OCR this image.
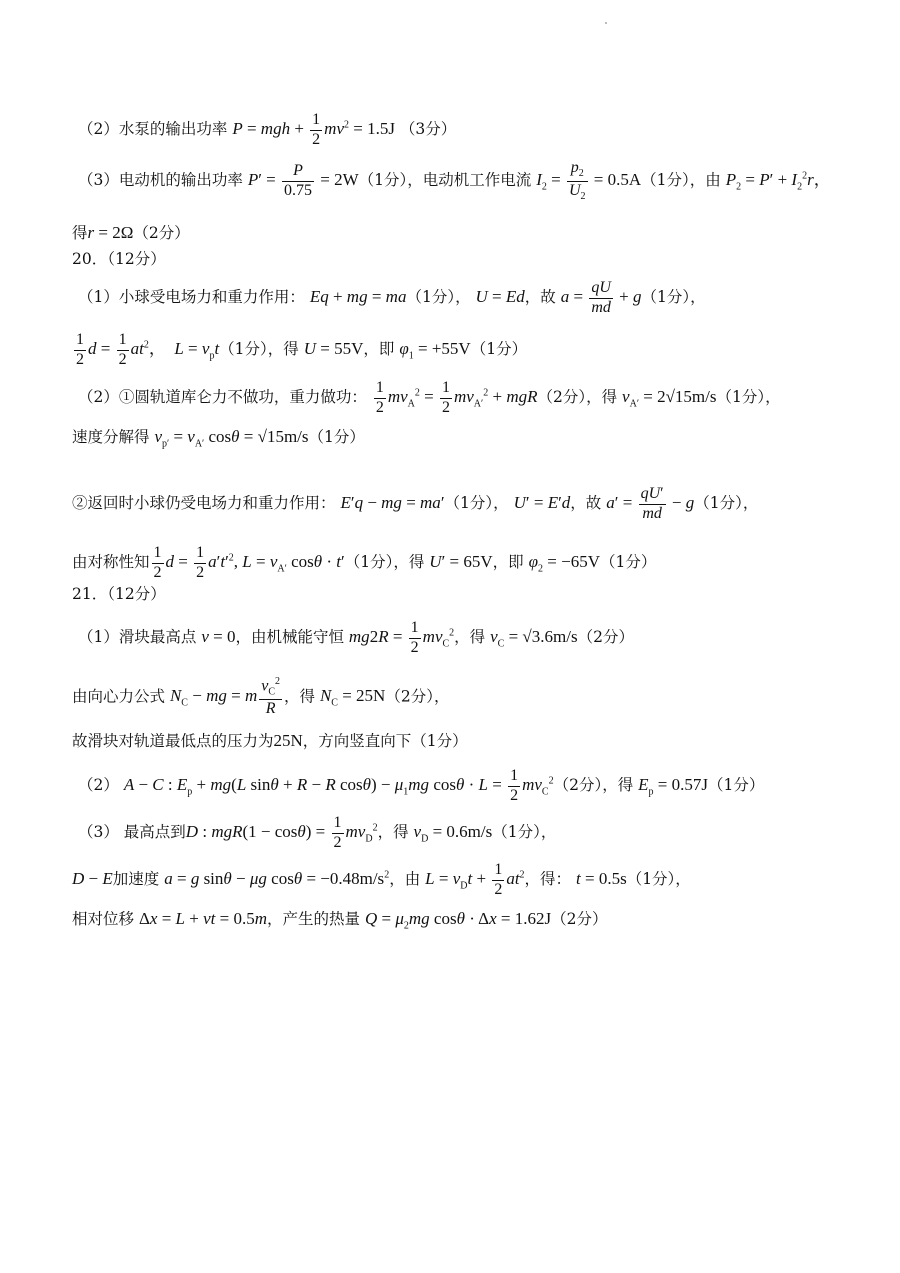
（2）水泵的输出功率 P = mgh + $\frac{1}{2} mv^2 = 1.5J$ （3分）
（3）电动机的输出功率 $P' = \frac{P}{0.75} = 2W(1$分），电动机工作电流 $I_2 = \frac{p_2}{U_2} = 0.5A(1$分），由 $P_2 = P' + I_2^2r$，
得r = 2Ω（2分）
20．（12分）
（1）小球受电场力和重力作用： Eq + mg = ma（1分）， U = Ed，故 $a = \frac{qU}{md} + g(1$分），
$\frac{1}{2}$ $d = \frac{1}{2} at^2$，  $L = v_pt(1$分），得 U = 55V，即 $\varphi_1 = +55V(1$分）
（2）①圆轨道库仑力不做功，重力做功： $\frac{1}{2} mv_A^2 = \frac{1}{2} mv_{A'}^2 + mgR(2$分），得 $v_{A'} = 2√15m/s(1$分），
速度分解得 $v_{p'} = v_{A'}$ cosθ = √15m/s（1分）
②返回时小球仍受电场力和重力作用： E′q − mg = ma′（1分）， U′ = E′d，故 $a' = \frac{qU'}{md} - g(1$分），
由对称性知 $\frac{1}{2}$ $d = \frac{1}{2} a't'^2$, $L = v_{A'}$ cosθ · t′（1分），得 U′ = 65V，即 $\varphi_2 = -65V(1$分）
21．（12分）
（1）滑块最高点 v = 0，由机械能守恒 $mg2R = \frac{1}{2} mv_C^2$，得 $v_C = √3.6m/s(2$分）
由向心力公式 $N_C$ − mg = m $\frac{v_C^2}{R}$ ，得 $N_C = 25N(2$分），
故滑块对轨道最低点的压力为25N，方向竖直向下（1分）
（2） A − C : $E_p + mg(L$ sinθ + R − R $\cos\theta) - \mu_1mg$ $\cos\theta \cdot L = \frac{1}{2} mv_C^2(2$分），得 $E_p = 0.57J(1$分）
（3） 最高点到D : $mgR(1 - \cos\theta) = \frac{1}{2} mv_D^2$，得 $v_D = 0.6m/s(1$分），
D − E加速度 a = g sinθ − μg $\cos\theta = -0.48m/s^2$，由 $L = v_Dt + \frac{1}{2} at^2$，得： t = 0.5s（1分），
相对位移 Δx = L + vt = 0.5m，产生的热量 $Q = \mu_2mg$ cosθ · Δx = 1.62J（2分）
